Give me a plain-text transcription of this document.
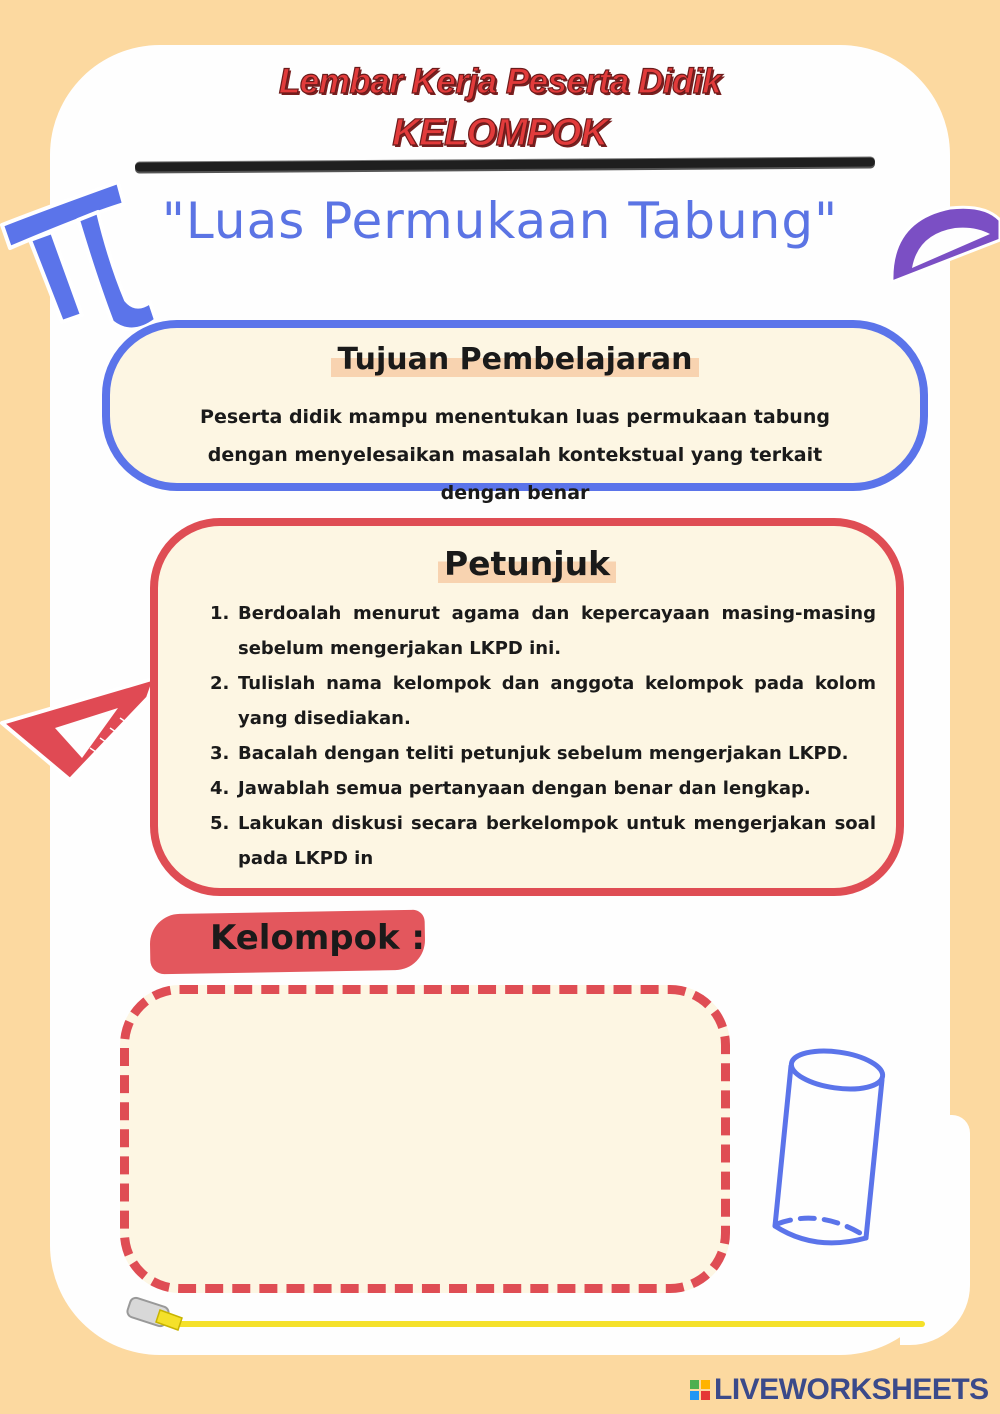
Lembar Kerja Peserta Didik
KELOMPOK
"Luas Permukaan Tabung"
Tujuan Pembelajaran
Peserta didik mampu menentukan luas permukaan tabung dengan menyelesaikan masalah kontekstual yang terkait dengan benar
Petunjuk
1. Berdoalah menurut agama dan kepercayaan masing-masing sebelum mengerjakan LKPD ini.
2. Tulislah nama kelompok dan anggota kelompok pada kolom yang disediakan.
3. Bacalah dengan teliti petunjuk sebelum mengerjakan LKPD.
4. Jawablah semua pertanyaan dengan benar dan lengkap.
5. Lakukan diskusi secara berkelompok untuk mengerjakan soal pada LKPD in
Kelompok :
LIVEWORKSHEETS
